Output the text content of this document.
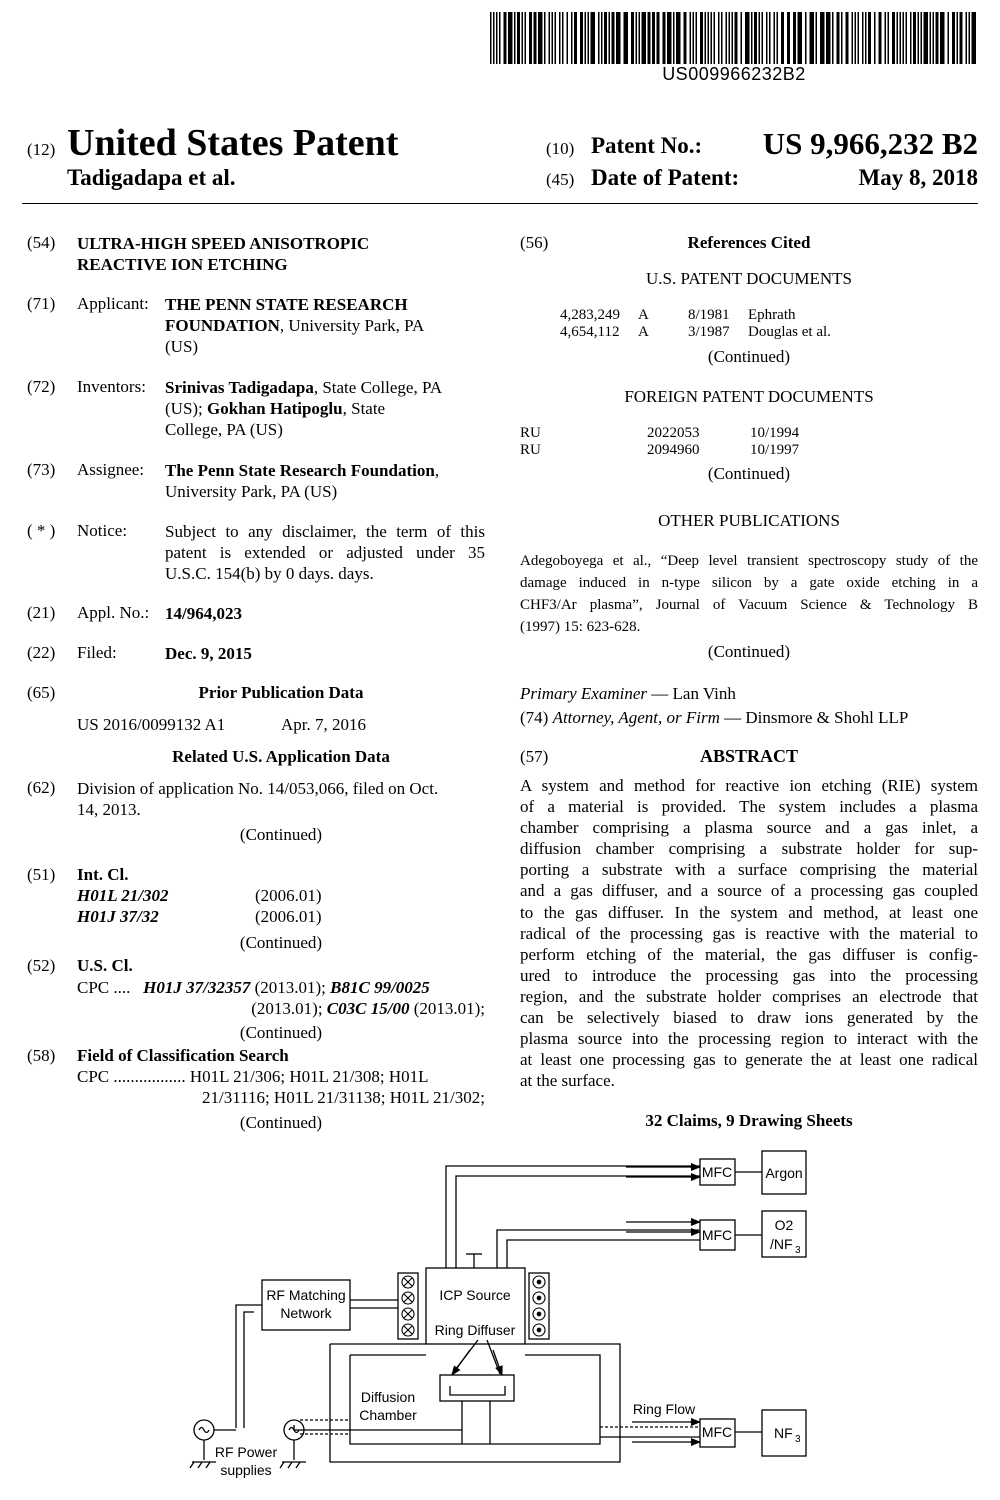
US009966232B2
(12) United States Patent
Tadigadapa et al.
(10) Patent No.: US 9,966,232 B2
(45) Date of Patent:	May 8, 2018
(54) ULTRA-HIGH SPEED ANISOTROPIC
REACTIVE ION ETCHING
(71) Applicant: THE PENN STATE RESEARCH
FOUNDATION, University Park, PA
(US)
(72) Inventors: Srinivas Tadigadapa, State College, PA
(US); Gokhan Hatipoglu, State
College, PA (US)
(73) Assignee: The Penn State Research Foundation,
University Park, PA (US)
( * ) Notice: Subject to any disclaimer, the term of this
patent is extended or adjusted under 35
U.S.C. 154(b) by 0 days. days.
(21) Appl. No.: 14/964,023
(22) Filed:	Dec. 9, 2015
(65)	Prior Publication Data
US 2016/0099132 A1	Apr. 7, 2016
Related U.S. Application Data
(62) Division of application No. 14/053,066, filed on Oct.
14, 2013.
(Continued)
(51) Int. Cl.
H01L 21/302	(2006.01)
H01J 37/32	(2006.01)
(Continued)
(52) U.S. Cl.
CPC .... H01J 37/32357 (2013.01); B81C 99/0025
(2013.01); C03C 15/00 (2013.01);
(Continued)
(58) Field of Classification Search
CPC ................. H01L 21/306; H01L 21/308; H01L
21/31116; H01L 21/31138; H01L 21/302;
(Continued)
(56)	References Cited
U.S. PATENT DOCUMENTS
4,283,249 A	8/1981 Ephrath
4,654,112 A	3/1987 Douglas et al.
(Continued)
FOREIGN PATENT DOCUMENTS
RU	2022053	10/1994
RU	2094960	10/1997
(Continued)
OTHER PUBLICATIONS
Adegoboyega et al., “Deep level transient spectroscopy study of the
damage induced in n-type silicon by a gate oxide etching in a
CHF3/Ar plasma”, Journal of Vacuum Science & Technology B
(1997) 15: 623-628.
(Continued)
Primary Examiner — Lan Vinh
(74) Attorney, Agent, or Firm — Dinsmore & Shohl LLP
(57)	ABSTRACT
A system and method for reactive ion etching (RIE) system
of a material is provided. The system includes a plasma
chamber comprising a plasma source and a gas inlet, a
diffusion chamber comprising a substrate holder for sup-
porting a substrate with a surface comprising the material
and a gas diffuser, and a source of a processing gas coupled
to the gas diffuser. In the system and method, at least one
radical of the processing gas is reactive with the material to
perform etching of the material, the gas diffuser is config-
ured to introduce the processing gas into the processing
region, and the substrate holder comprises an electrode that
can be selectively biased to draw ions generated by the
plasma source into the processing region to interact with the
at least one processing gas to generate the at least one radical
at the surface.
32 Claims, 9 Drawing Sheets
MFC Argon
MFC
O2
/NF 3
RF Matching
Network
ICP Source
Ring Diffuser
Diffusion
Chamber	Ring Flow
MFC	NF 3
RF Power
supplies
